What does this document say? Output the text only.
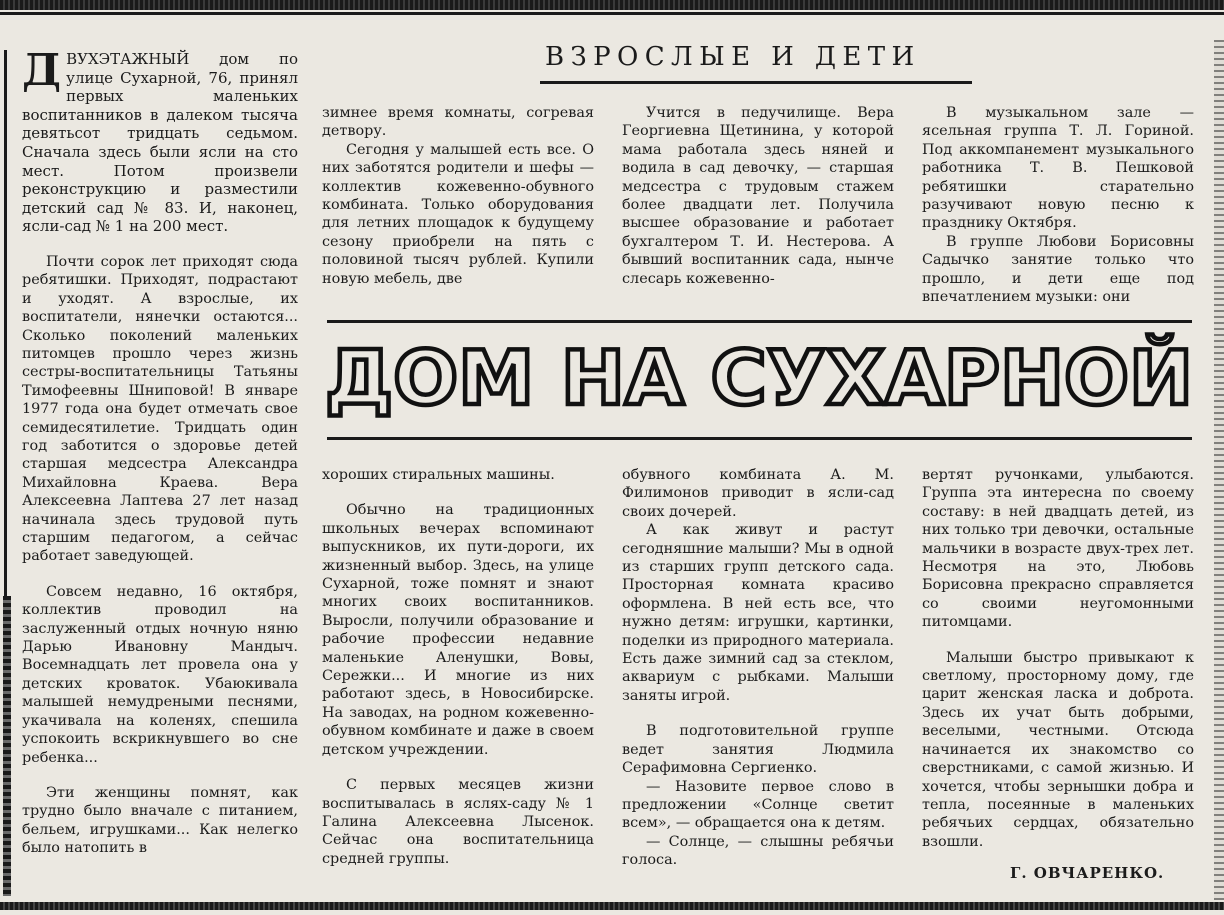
ВЗРОСЛЫЕ И ДЕТИ
ДВУХЭТАЖНЫЙ дом по улице Сухарной, 76, принял первых маленьких воспитанников в далеком тысяча девятьсот тридцать седьмом. Сначала здесь были ясли на сто мест. Потом произвели реконструкцию и разместили детский сад № 83. И, наконец, ясли-сад № 1 на 200 мест.

Почти сорок лет приходят сюда ребятишки. Приходят, подрастают и уходят. А взрослые, их воспитатели, нянечки остаются... Сколько поколений маленьких питомцев прошло через жизнь сестры-воспитательницы Татьяны Тимофеевны Шниповой! В январе 1977 года она будет отмечать свое семидесятилетие. Тридцать один год заботится о здоровье детей старшая медсестра Александра Михайловна Краева. Вера Алексеевна Лаптева 27 лет назад начинала здесь трудовой путь старшим педагогом, а сейчас работает заведующей.

Совсем недавно, 16 октября, коллектив проводил на заслуженный отдых ночную няню Дарью Ивановну Мандыч. Восемнадцать лет провела она у детских кроваток. Убаюкивала малышей немудреными песнями, укачивала на коленях, спешила успокоить вскрикнувшего во сне ребенка...

Эти женщины помнят, как трудно было вначале с питанием, бельем, игрушками... Как нелегко было натопить в

зимнее время комнаты, согревая детвору.

Сегодня у малышей есть все. О них заботятся родители и шефы — коллектив кожевенно-обувного комбината. Только оборудования для летних площадок к будущему сезону приобрели на пять с половиной тысяч рублей. Купили новую мебель, две

Учится в педучилище. Вера Георгиевна Щетинина, у которой мама работала здесь няней и водила в сад девочку, — старшая медсестра с трудовым стажем более двадцати лет. Получила высшее образование и работает бухгалтером Т. И. Нестерова. А бывший воспитанник сада, нынче слесарь кожевенно-

В музыкальном зале — ясельная группа Т. Л. Гориной. Под аккомпанемент музыкального работника Т. В. Пешковой ребятишки старательно разучивают новую песню к празднику Октября.

В группе Любови Борисовны Садычко занятие только что прошло, и дети еще под впечатлением музыки: они

ДОМ НА СУХАРНОЙ

хороших стиральных машины.

Обычно на традиционных школьных вечерах вспоминают выпускников, их пути-дороги, их жизненный выбор. Здесь, на улице Сухарной, тоже помнят и знают многих своих воспитанников. Выросли, получили образование и рабочие профессии недавние маленькие Аленушки, Вовы, Сережки... И многие из них работают здесь, в Новосибирске. На заводах, на родном кожевенно-обувном комбинате и даже в своем детском учреждении.

С первых месяцев жизни воспитывалась в яслях-саду № 1 Галина Алексеевна Лысенок. Сейчас она воспитательница средней группы.

обувного комбината А. М. Филимонов приводит в ясли-сад своих дочерей.

А как живут и растут сегодняшние малыши? Мы в одной из старших групп детского сада. Просторная комната красиво оформлена. В ней есть все, что нужно детям: игрушки, картинки, поделки из природного материала. Есть даже зимний сад за стеклом, аквариум с рыбками. Малыши заняты игрой.

В подготовительной группе ведет занятия Людмила Серафимовна Сергиенко.

— Назовите первое слово в предложении «Солнце светит всем», — обращается она к детям.

— Солнце, — слышны ребячьи голоса.

вертят ручонками, улыбаются. Группа эта интересна по своему составу: в ней двадцать детей, из них только три девочки, остальные мальчики в возрасте двух-трех лет. Несмотря на это, Любовь Борисовна прекрасно справляется со своими неугомонными питомцами.

Малыши быстро привыкают к светлому, просторному дому, где царит женская ласка и доброта. Здесь их учат быть добрыми, веселыми, честными. Отсюда начинается их знакомство со сверстниками, с самой жизнью. И хочется, чтобы зернышки добра и тепла, посеянные в маленьких ребячьих сердцах, обязательно взошли.

Г. ОВЧАРЕНКО.
